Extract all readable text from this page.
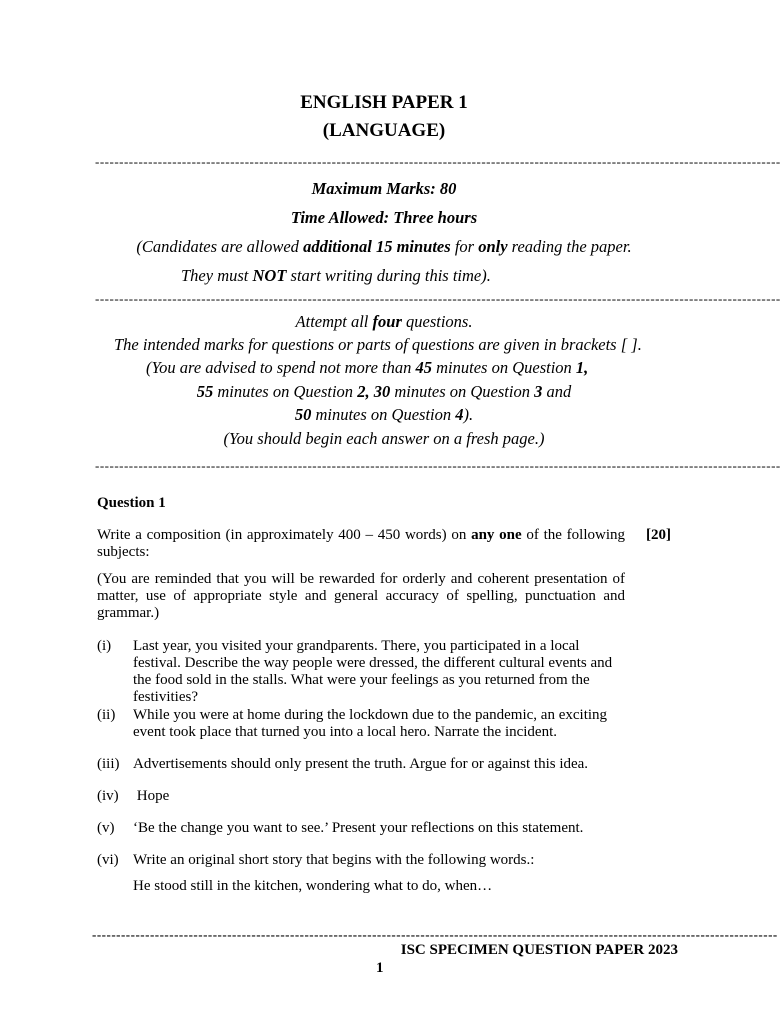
ENGLISH PAPER 1
(LANGUAGE)
----------------------------------------------------------------------------------------------------------------------------------------------
Maximum Marks: 80
Time Allowed: Three hours
(Candidates are allowed additional 15 minutes for only reading the paper.
They must NOT start writing during this time).
----------------------------------------------------------------------------------------------------------------------------------------------
Attempt all four questions.
The intended marks for questions or parts of questions are given in brackets [ ].
(You are advised to spend not more than 45 minutes on Question 1,
55 minutes on Question 2, 30 minutes on Question 3 and
50 minutes on Question 4).
(You should begin each answer on a fresh page.)
----------------------------------------------------------------------------------------------------------------------------------------------
Question 1
Write a composition (in approximately 400 – 450 words) on any one of the following subjects:
[20]
(You are reminded that you will be rewarded for orderly and coherent presentation of matter, use of appropriate style and general accuracy of spelling, punctuation and grammar.)
(i) Last year, you visited your grandparents. There, you participated in a local festival. Describe the way people were dressed, the different cultural events and the food sold in the stalls. What were your feelings as you returned from the festivities?
(ii) While you were at home during the lockdown due to the pandemic, an exciting event took place that turned you into a local hero. Narrate the incident.
(iii) Advertisements should only present the truth. Argue for or against this idea.
(iv) Hope
(v) ‘Be the change you want to see.’ Present your reflections on this statement.
(vi) Write an original short story that begins with the following words.:
He stood still in the kitchen, wondering what to do, when…
----------------------------------------------------------------------------------------------------------------------------------------------
ISC SPECIMEN QUESTION PAPER 2023
1
